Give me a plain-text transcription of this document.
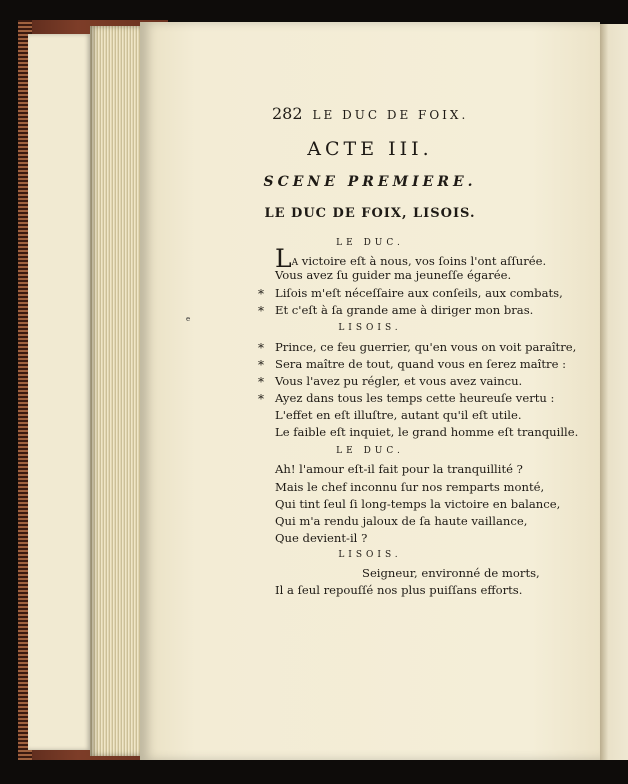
282 LE DUC DE FOIX.
ACTE III.
SCENE PREMIERE.
LE DUC DE FOIX, LISOIS.
LE DUC.
LA victoire eſt à nous, vos ſoins l'ont aſſurée.
Vous avez ſu guider ma jeuneſſe égarée.
Liſois m'eſt néceſſaire aux conſeils, aux combats,
Et c'eſt à ſa grande ame à diriger mon bras.
LISOIS.
Prince, ce feu guerrier, qu'en vous on voit paraître,
Sera maître de tout, quand vous en ſerez maître :
Vous l'avez pu régler, et vous avez vaincu.
Ayez dans tous les temps cette heureuſe vertu :
L'effet en eſt illuſtre, autant qu'il eſt utile.
Le faible eſt inquiet, le grand homme eſt tranquille.
LE DUC.
Ah! l'amour eſt-il fait pour la tranquillité ?
Mais le chef inconnu ſur nos remparts monté,
Qui tint ſeul ſi long-temps la victoire en balance,
Qui m'a rendu jaloux de ſa haute vaillance,
Que devient-il ?
LISOIS.
Seigneur, environné de morts,
Il a ſeul repouſſé nos plus puiſſans efforts.
*
*
*
*
*
*
e
